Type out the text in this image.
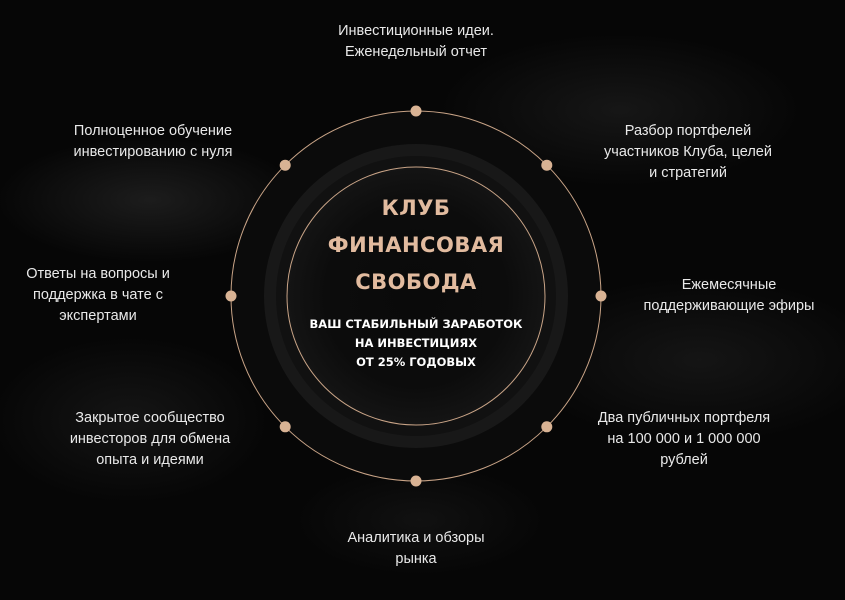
КЛУБ
ФИНАНСОВАЯ
СВОБОДА
ВАШ СТАБИЛЬНЫЙ ЗАРАБОТОК
НА ИНВЕСТИЦИЯХ
ОТ 25% ГОДОВЫХ
Инвестиционные идеи.
Еженедельный отчет
Разбор портфелей
участников Клуба, целей
и стратегий
Ежемесячные
поддерживающие эфиры
Два публичных портфеля
на 100 000 и 1 000 000
рублей
Аналитика и обзоры
рынка
Закрытое сообщество
инвесторов для обмена
опыта и идеями
Ответы на вопросы и
поддержка в чате с
экспертами
Полноценное обучение
инвестированию с нуля
